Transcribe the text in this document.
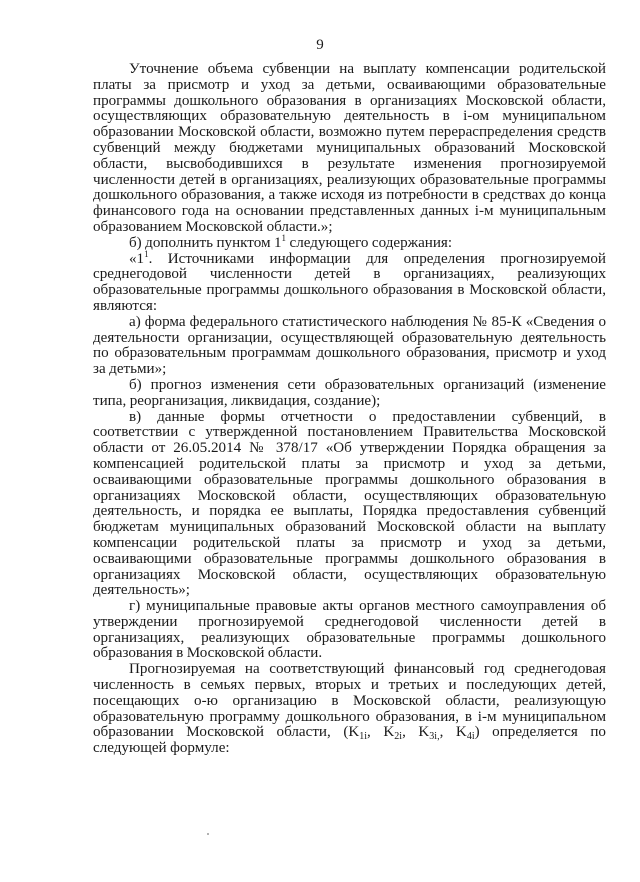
9

Уточнение объема субвенции на выплату компенсации родительской платы за присмотр и уход за детьми, осваивающими образовательные программы дошкольного образования в организациях Московской области, осуществляющих образовательную деятельность в i-ом муниципальном образовании Московской области, возможно путем перераспределения средств субвенций между бюджетами муниципальных образований Московской области, высвободившихся в результате изменения прогнозируемой численности детей в организациях, реализующих образовательные программы дошкольного образования, а также исходя из потребности в средствах до конца финансового года на основании представленных данных i-м муниципальным образованием Московской области.»;

б) дополнить пунктом $1^1$ следующего содержания:

«$1^1$. Источниками информации для определения прогнозируемой среднегодовой численности детей в организациях, реализующих образовательные программы дошкольного образования в Московской области, являются:

а) форма федерального статистического наблюдения № 85-К «Сведения о деятельности организации, осуществляющей образовательную деятельность по образовательным программам дошкольного образования, присмотр и уход за детьми»;

б) прогноз изменения сети образовательных организаций (изменение типа, реорганизация, ликвидация, создание);

в) данные формы отчетности о предоставлении субвенций, в соответствии с утвержденной постановлением Правительства Московской области от 26.05.2014 № 378/17 «Об утверждении Порядка обращения за компенсацией родительской платы за присмотр и уход за детьми, осваивающими образовательные программы дошкольного образования в организациях Московской области, осуществляющих образовательную деятельность, и порядка ее выплаты, Порядка предоставления субвенций бюджетам муниципальных образований Московской области на выплату компенсации родительской платы за присмотр и уход за детьми, осваивающими образовательные программы дошкольного образования в организациях Московской области, осуществляющих образовательную деятельность»;

г) муниципальные правовые акты органов местного самоуправления об утверждении прогнозируемой среднегодовой численности детей в организациях, реализующих образовательные программы дошкольного образования в Московской области.

Прогнозируемая на соответствующий финансовый год среднегодовая численность в семьях первых, вторых и третьих и последующих детей, посещающих o-ю организацию в Московской области, реализующую образовательную программу дошкольного образования, в i-м муниципальном образовании Московской области, ($K_{1i}$, $K_{2i}$, $K_{3i,}$, $K_{4i}$) определяется по следующей формуле:
